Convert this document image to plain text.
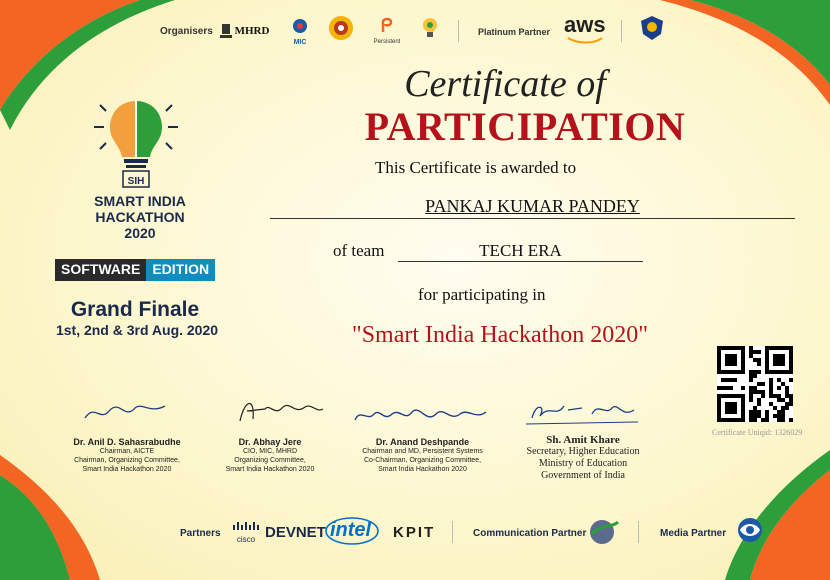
Organisers MHRD
MIC	Persistent
Platinum Partner aws
SIH
SMART INDIA
HACKATHON
2020
SOFTWARE EDITION
Grand Finale
1st, 2nd & 3rd Aug. 2020
Certificate of
PARTICIPATION
This Certificate is awarded to
PANKAJ KUMAR PANDEY
of team	TECH ERA
for participating in
"Smart India Hackathon 2020"
Certificate Uniqid: 1326029
Dr. Anil D. Sahasrabudhe
Chairman, AICTE
Chairman, Organizing Committee,
Smart India Hackathon 2020
Dr. Abhay Jere
CIO, MIC, MHRD
Organizing Committee,
Smart India Hackathon 2020
Dr. Anand Deshpande
Chairman and MD, Persistent Systems
Co-Chairman, Organizing Committee,
Smart India Hackathon 2020
Sh. Amit Khare
Secretary, Higher Education
Ministry of Education
Government of India
Partners
cisco DEVNET intel KPIT	Communication Partner	Media Partner
